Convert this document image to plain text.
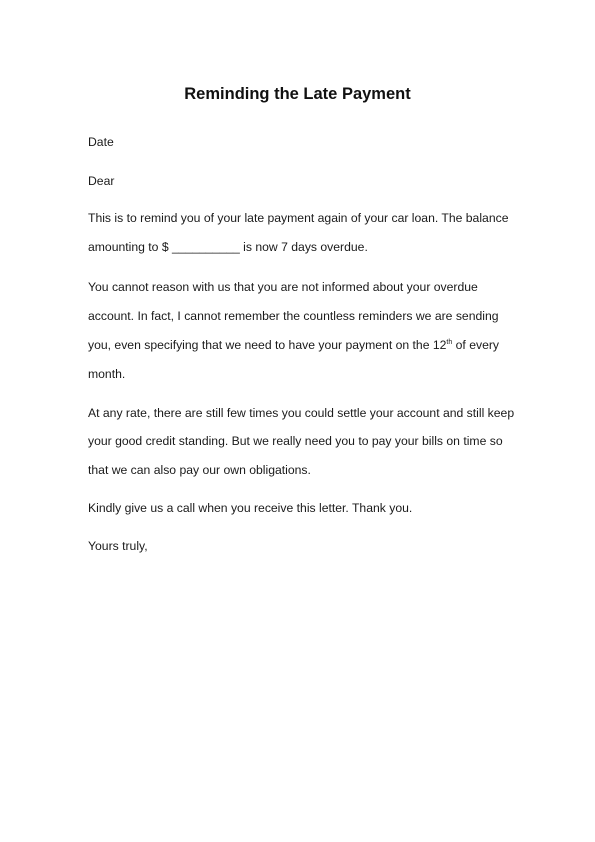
Reminding the Late Payment
Date
Dear
This is to remind you of your late payment again of your car loan. The balance
amounting to $ __________ is now 7 days overdue.
You cannot reason with us that you are not informed about your overdue
account. In fact, I cannot remember the countless reminders we are sending
you, even specifying that we need to have your payment on the 12th of every
month.
At any rate, there are still few times you could settle your account and still keep
your good credit standing. But we really need you to pay your bills on time so
that we can also pay our own obligations.
Kindly give us a call when you receive this letter. Thank you.
Yours truly,
